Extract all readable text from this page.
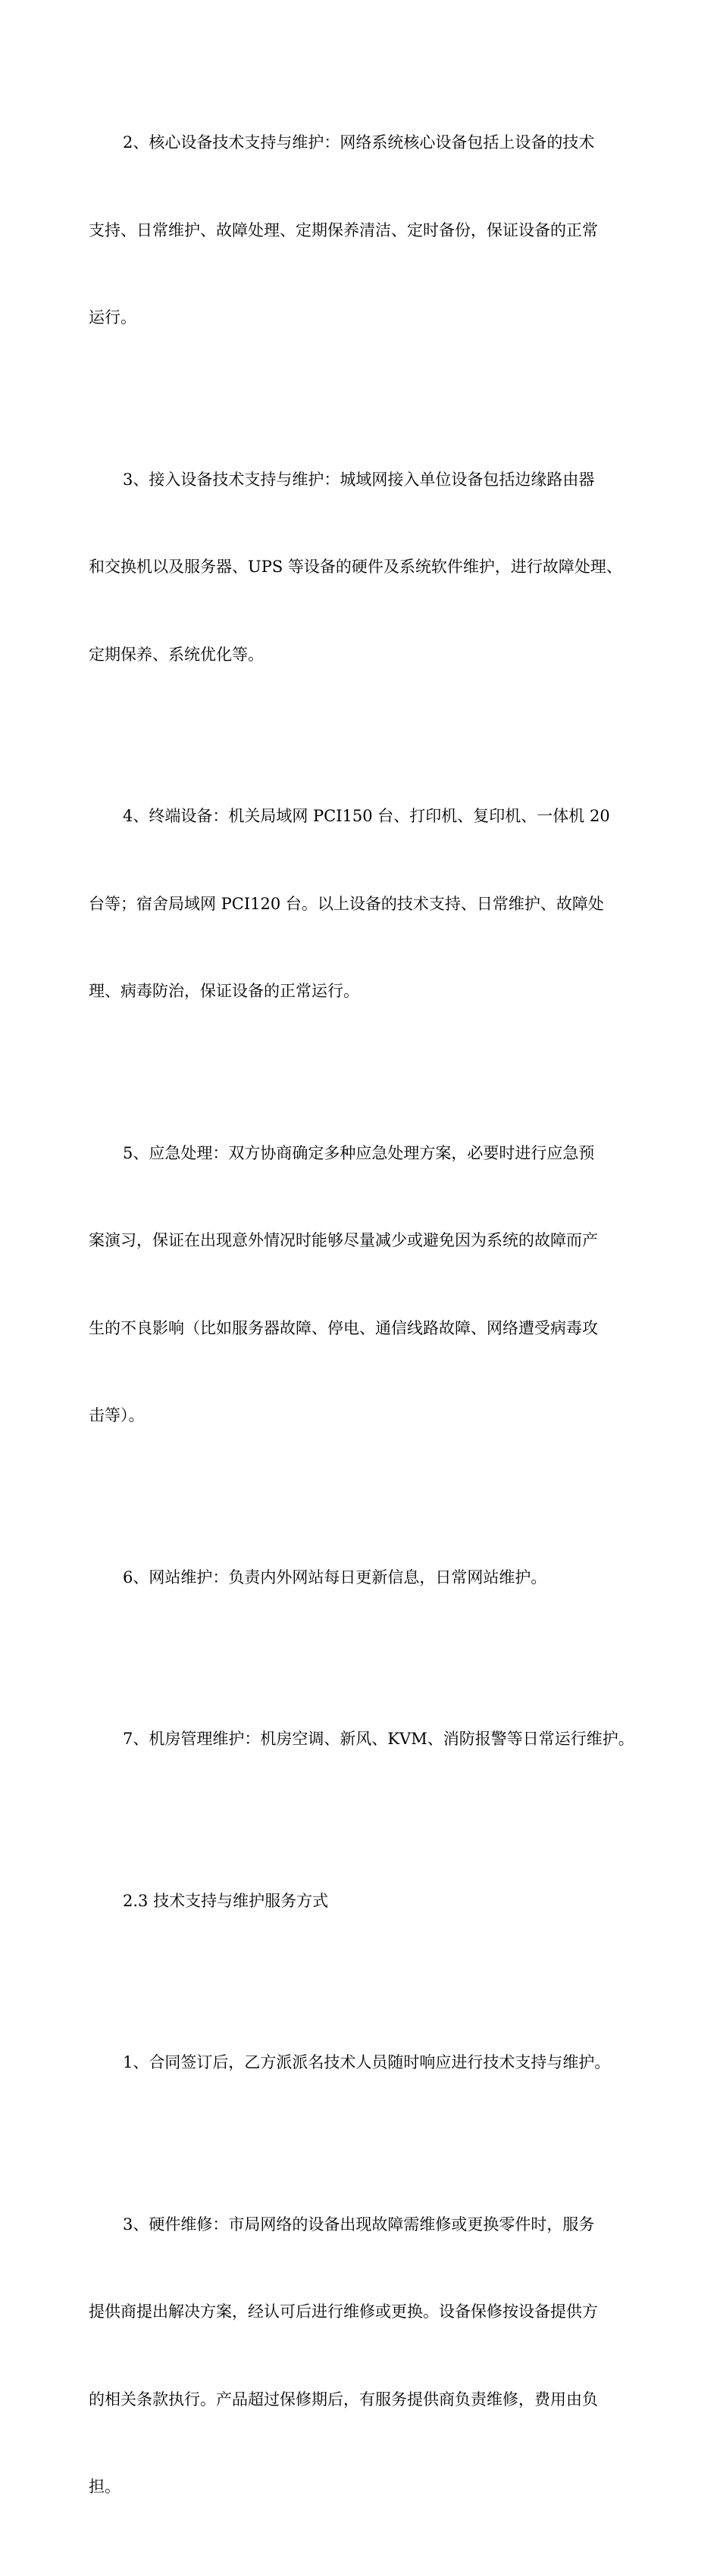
2、核心设备技术支持与维护：网络系统核心设备包括上设备的技术

支持、日常维护、故障处理、定期保养清洁、定时备份，保证设备的正常

运行。

3、接入设备技术支持与维护：城域网接入单位设备包括边缘路由器

和交换机以及服务器、UPS 等设备的硬件及系统软件维护，进行故障处理、

定期保养、系统优化等。

4、终端设备：机关局域网 PCI150 台、打印机、复印机、一体机 20

台等；宿舍局域网 PCI120 台。以上设备的技术支持、日常维护、故障处

理、病毒防治，保证设备的正常运行。

5、应急处理：双方协商确定多种应急处理方案，必要时进行应急预

案演习，保证在出现意外情况时能够尽量减少或避免因为系统的故障而产

生的不良影响（比如服务器故障、停电、通信线路故障、网络遭受病毒攻

击等）。

6、网站维护：负责内外网站每日更新信息，日常网站维护。

7、机房管理维护：机房空调、新风、KVM、消防报警等日常运行维护。

2.3 技术支持与维护服务方式

1、合同签订后，乙方派派名技术人员随时响应进行技术支持与维护。

3、硬件维修：市局网络的设备出现故障需维修或更换零件时，服务

提供商提出解决方案，经认可后进行维修或更换。设备保修按设备提供方

的相关条款执行。产品超过保修期后，有服务提供商负责维修，费用由负

担。
